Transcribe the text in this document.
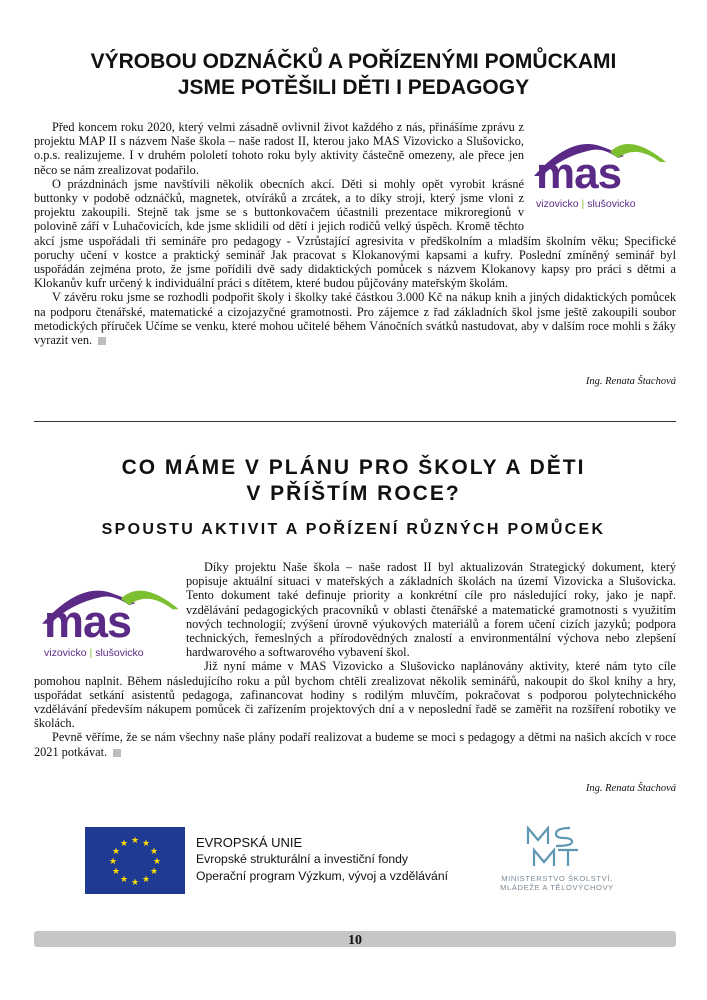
VÝROBOU ODZNÁČKŮ A POŘÍZENÝMI POMŮCKAMI
JSME POTĚŠILI DĚTI I PEDAGOGY
mas
vizovicko | slušovicko

Před koncem roku 2020, který velmi zásadně ovlivnil život každého z nás, přinášíme zprávu z projektu MAP II s názvem Naše škola – naše radost II, kterou jako MAS Vizovicko a Slušovicko, o.p.s. realizujeme. I v druhém pololetí tohoto roku byly aktivity částečně omezeny, ale přece jen něco se nám zrealizovat podařilo.

O prázdninách jsme navštívili několik obecních akcí. Děti si mohly opět vyrobit krásné buttonky v podobě odznáčků, magnetek, otvíráků a zrcátek, a to díky stroji, který jsme vloni z projektu zakoupili. Stejně tak jsme se s buttonkovačem účastnili prezentace mikroregionů v polovině září v Luhačovicích, kde jsme sklidili od dětí i jejich rodičů velký úspěch. Kromě těchto akcí jsme uspořádali tři semináře pro pedagogy - Vzrůstající agresivita v předškolním a mladším školním věku; Specifické poruchy učení v kostce a praktický seminář Jak pracovat s Klokanovými kapsami a kufry. Poslední zmíněný seminář byl uspořádán zejména proto, že jsme pořídili dvě sady didaktických pomůcek s názvem Klokanovy kapsy pro práci s dětmi a Klokanův kufr určený k individuální práci s dítětem, které budou půjčovány mateřským školám.

V závěru roku jsme se rozhodli podpořit školy i školky také částkou 3.000 Kč na nákup knih a jiných didaktických pomůcek na podporu čtenářské, matematické a cizojazyčné gramotnosti. Pro zájemce z řad základních škol jsme ještě zakoupili soubor metodických příruček Učíme se venku, které mohou učitelé během Vánočních svátků nastudovat, aby v dalším roce mohli s žáky vyrazit ven.

Ing. Renata Štachová
CO MÁME V PLÁNU PRO ŠKOLY A DĚTI
V PŘÍŠTÍM ROCE?
SPOUSTU AKTIVIT A POŘÍZENÍ RŮZNÝCH POMŮCEK
mas
vizovicko | slušovicko

Díky projektu Naše škola – naše radost II byl aktualizován Strategický dokument, který popisuje aktuální situaci v mateřských a základních školách na území Vizovicka a Slušovicka. Tento dokument také definuje priority a konkrétní cíle pro následující roky, jako je např. vzdělávání pedagogických pracovníků v oblasti čtenářské a matematické gramotnosti s využitím nových technologií; zvýšení úrovně výukových materiálů a forem učení cizích jazyků; podpora technických, řemeslných a přírodovědných znalostí a environmentální výchova nebo zlepšení hardwarového a softwarového vybavení škol.

Již nyní máme v MAS Vizovicko a Slušovicko naplánovány aktivity, které nám tyto cíle pomohou naplnit. Během následujícího roku a půl bychom chtěli zrealizovat několik seminářů, nakoupit do škol knihy a hry, uspořádat setkání asistentů pedagoga, zafinancovat hodiny s rodilým mluvčím, pokračovat s podporou polytechnického vzdělávání především nákupem pomůcek či zařízením projektových dní a v neposlední řadě se zaměřit na rozšíření robotiky ve školách.

Pevně věříme, že se nám všechny naše plány podaří realizovat a budeme se moci s pedagogy a dětmi na našich akcích v roce 2021 potkávat.

Ing. Renata Štachová
★ ★
★
★
★
★
★
★
★
★
★
★	EVROPSKÁ UNIE
Evropské strukturální a investiční fondy
Operační program Výzkum, vývoj a vzdělávání	MINISTERSTVO ŠKOLSTVÍ,
MLÁDEŽE A TĚLOVÝCHOVY
10
